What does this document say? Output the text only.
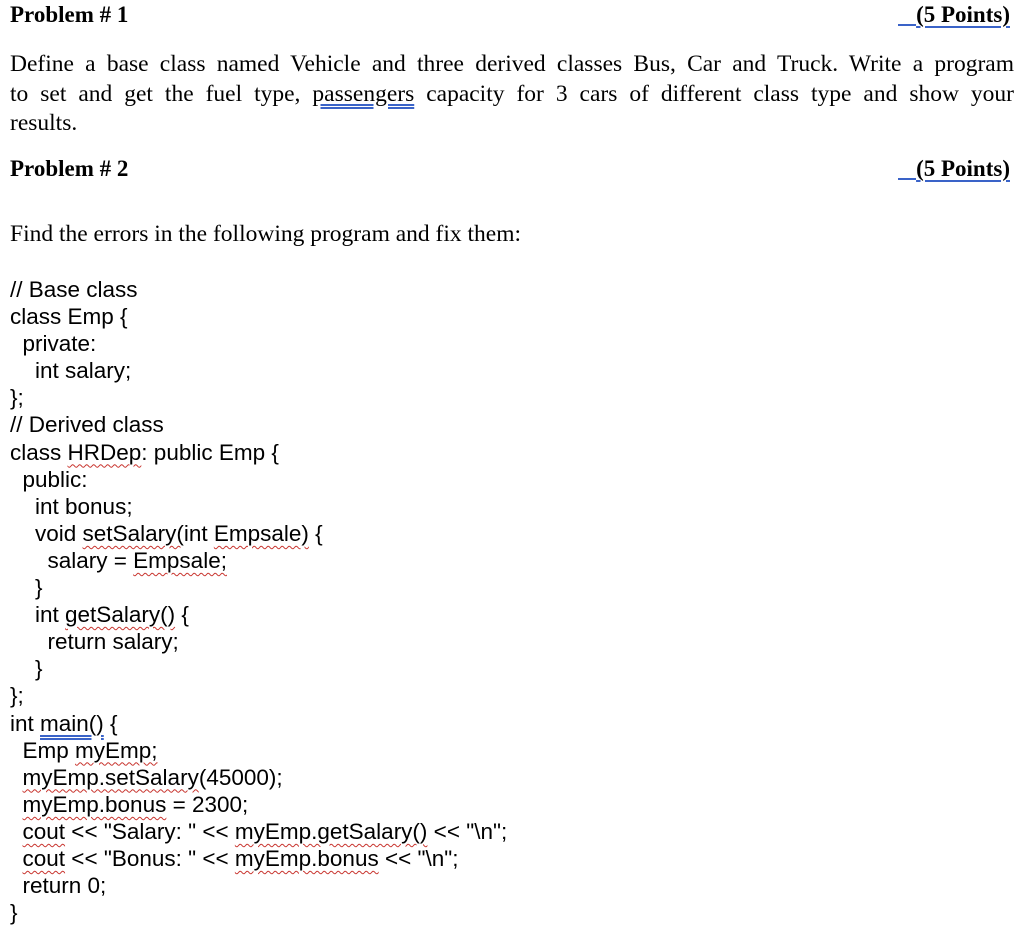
Problem # 1	(5 Points)
Define a base class named Vehicle and three derived classes Bus, Car and Truck. Write a program
to set and get the fuel type, passengers capacity for 3 cars of different class type and show your
results.
Problem # 2	(5 Points)
Find the errors in the following program and fix them:
// Base class
class Emp {
private:
int salary;
};
// Derived class
class HRDep: public Emp {
public:
int bonus;
void setSalary(int Empsale) {
salary = Empsale;
}
int getSalary() {
return salary;
}
};
int main() {
Emp myEmp;
myEmp.setSalary(45000);
myEmp.bonus = 2300;
cout << "Salary: " << myEmp.getSalary() << "\n";
cout << "Bonus: " << myEmp.bonus << "\n";
return 0;
}
